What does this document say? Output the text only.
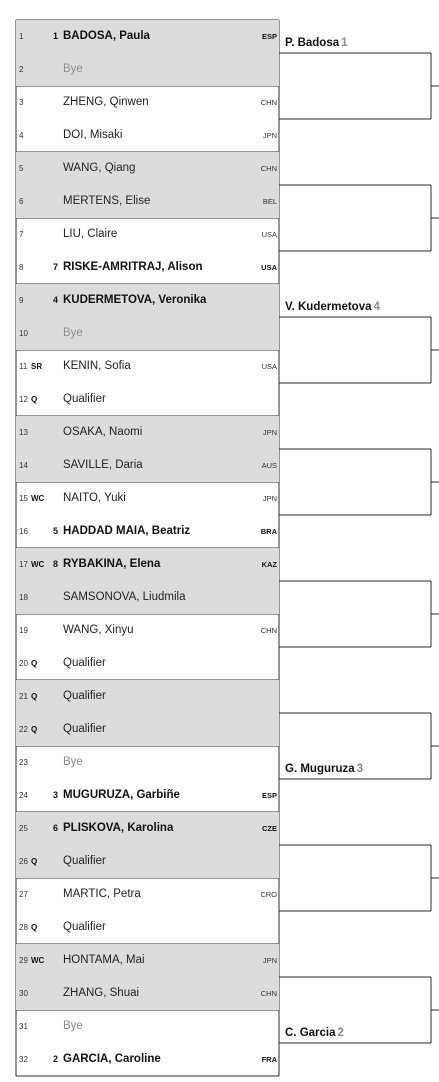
1	1 BADOSA, Paula	ESP
2	Bye
3	ZHENG, Qinwen	CHN
4	DOI, Misaki	JPN
5	WANG, Qiang	CHN
6	MERTENS, Elise	BEL
7	LIU, Claire	USA
8	7 RISKE-AMRITRAJ, Alison	USA
9	4 KUDERMETOVA, Veronika
10	Bye
11 SR KENIN, Sofia	USA
12 Q Qualifier
13	OSAKA, Naomi	JPN
14	SAVILLE, Daria	AUS
15 WC NAITO, Yuki	JPN
16	5 HADDAD MAIA, Beatriz	BRA
17 WC 8 RYBAKINA, Elena	KAZ
18	SAMSONOVA, Liudmila
19	WANG, Xinyu	CHN
20 Q Qualifier
21 Q Qualifier
22 Q Qualifier
23	Bye
24	3 MUGURUZA, Garbiñe	ESP
25	6 PLISKOVA, Karolina	CZE
26 Q Qualifier
27	MARTIC, Petra	CRO
28 Q Qualifier
29 WC HONTAMA, Mai	JPN
30	ZHANG, Shuai	CHN
31	Bye
32	2 GARCIA, Caroline	FRA
P. Badosa 1
V. Kudermetova 4
G. Muguruza 3
C. Garcia 2
